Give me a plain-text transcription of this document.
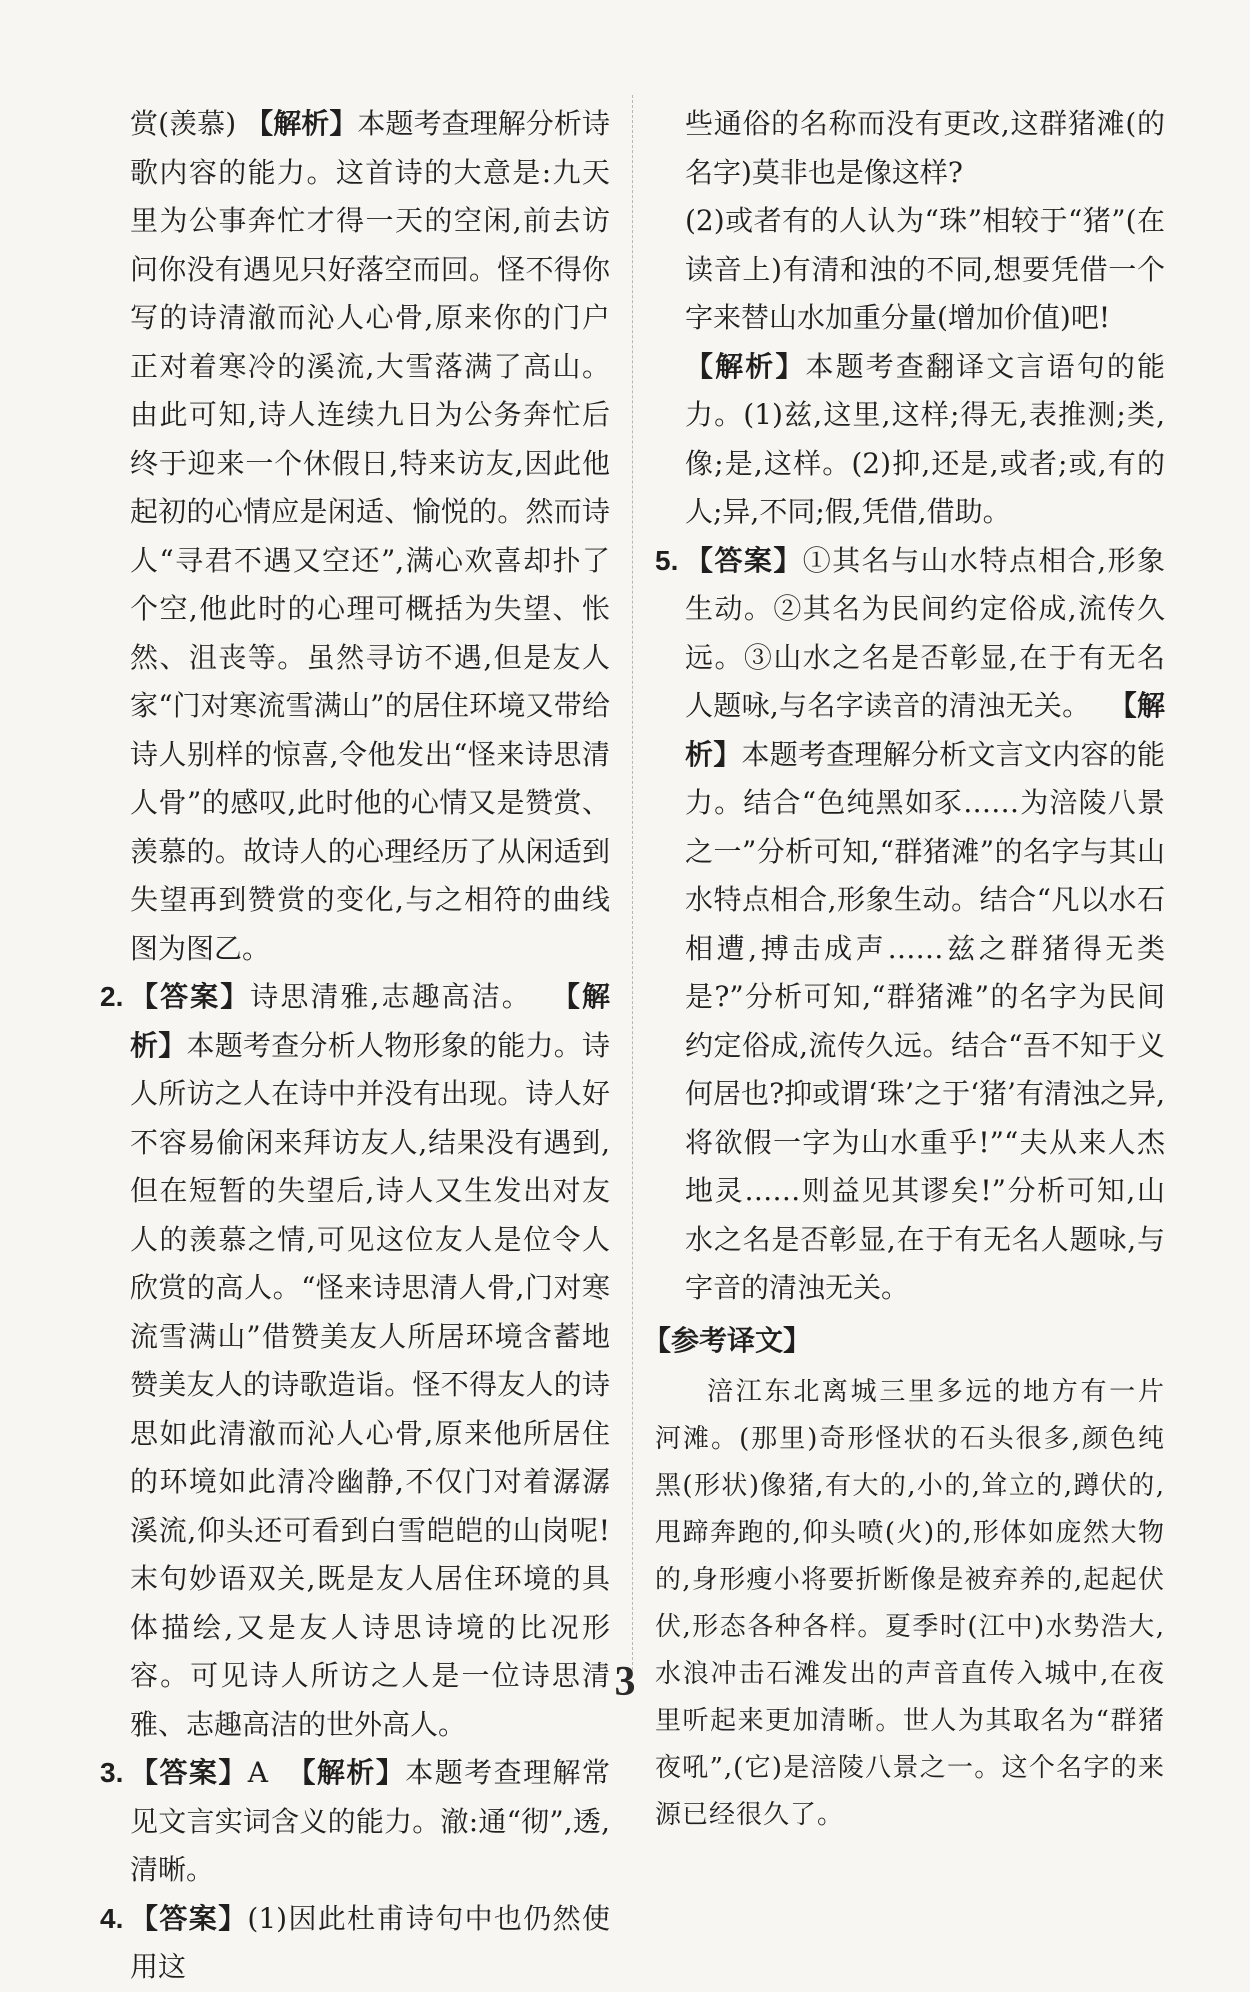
赏(羡慕) 【解析】本题考查理解分析诗歌内容的能力。这首诗的大意是:九天里为公事奔忙才得一天的空闲,前去访问你没有遇见只好落空而回。怪不得你写的诗清澈而沁人心骨,原来你的门户正对着寒冷的溪流,大雪落满了高山。由此可知,诗人连续九日为公务奔忙后终于迎来一个休假日,特来访友,因此他起初的心情应是闲适、愉悦的。然而诗人“寻君不遇又空还”,满心欢喜却扑了个空,他此时的心理可概括为失望、怅然、沮丧等。虽然寻访不遇,但是友人家“门对寒流雪满山”的居住环境又带给诗人别样的惊喜,令他发出“怪来诗思清人骨”的感叹,此时他的心情又是赞赏、羡慕的。故诗人的心理经历了从闲适到失望再到赞赏的变化,与之相符的曲线图为图乙。

2. 【答案】诗思清雅,志趣高洁。 【解析】本题考查分析人物形象的能力。诗人所访之人在诗中并没有出现。诗人好不容易偷闲来拜访友人,结果没有遇到,但在短暂的失望后,诗人又生发出对友人的羡慕之情,可见这位友人是位令人欣赏的高人。“怪来诗思清人骨,门对寒流雪满山”借赞美友人所居环境含蓄地赞美友人的诗歌造诣。怪不得友人的诗思如此清澈而沁人心骨,原来他所居住的环境如此清冷幽静,不仅门对着潺潺溪流,仰头还可看到白雪皑皑的山岗呢!末句妙语双关,既是友人居住环境的具体描绘,又是友人诗思诗境的比况形容。可见诗人所访之人是一位诗思清雅、志趣高洁的世外高人。

3. 【答案】A 【解析】本题考查理解常见文言实词含义的能力。澈:通“彻”,透,清晰。

4. 【答案】(1)因此杜甫诗句中也仍然使用这

些通俗的名称而没有更改,这群猪滩(的名字)莫非也是像这样?

(2)或者有的人认为“珠”相较于“猪”(在读音上)有清和浊的不同,想要凭借一个字来替山水加重分量(增加价值)吧!

【解析】本题考查翻译文言语句的能力。(1)兹,这里,这样;得无,表推测;类,像;是,这样。(2)抑,还是,或者;或,有的人;异,不同;假,凭借,借助。

5. 【答案】①其名与山水特点相合,形象生动。②其名为民间约定俗成,流传久远。③山水之名是否彰显,在于有无名人题咏,与名字读音的清浊无关。 【解析】本题考查理解分析文言文内容的能力。结合“色纯黑如豕……为涪陵八景之一”分析可知,“群猪滩”的名字与其山水特点相合,形象生动。结合“凡以水石相遭,搏击成声……兹之群猪得无类是?”分析可知,“群猪滩”的名字为民间约定俗成,流传久远。结合“吾不知于义何居也?抑或谓‘珠’之于‘猪’有清浊之异,将欲假一字为山水重乎!”“夫从来人杰地灵……则益见其谬矣!”分析可知,山水之名是否彰显,在于有无名人题咏,与字音的清浊无关。

【参考译文】

涪江东北离城三里多远的地方有一片河滩。(那里)奇形怪状的石头很多,颜色纯黑(形状)像猪,有大的,小的,耸立的,蹲伏的,甩蹄奔跑的,仰头喷(火)的,形体如庞然大物的,身形瘦小将要折断像是被弃养的,起起伏伏,形态各种各样。夏季时(江中)水势浩大,水浪冲击石滩发出的声音直传入城中,在夜里听起来更加清晰。世人为其取名为“群猪夜吼”,(它)是涪陵八景之一。这个名字的来源已经很久了。

3
